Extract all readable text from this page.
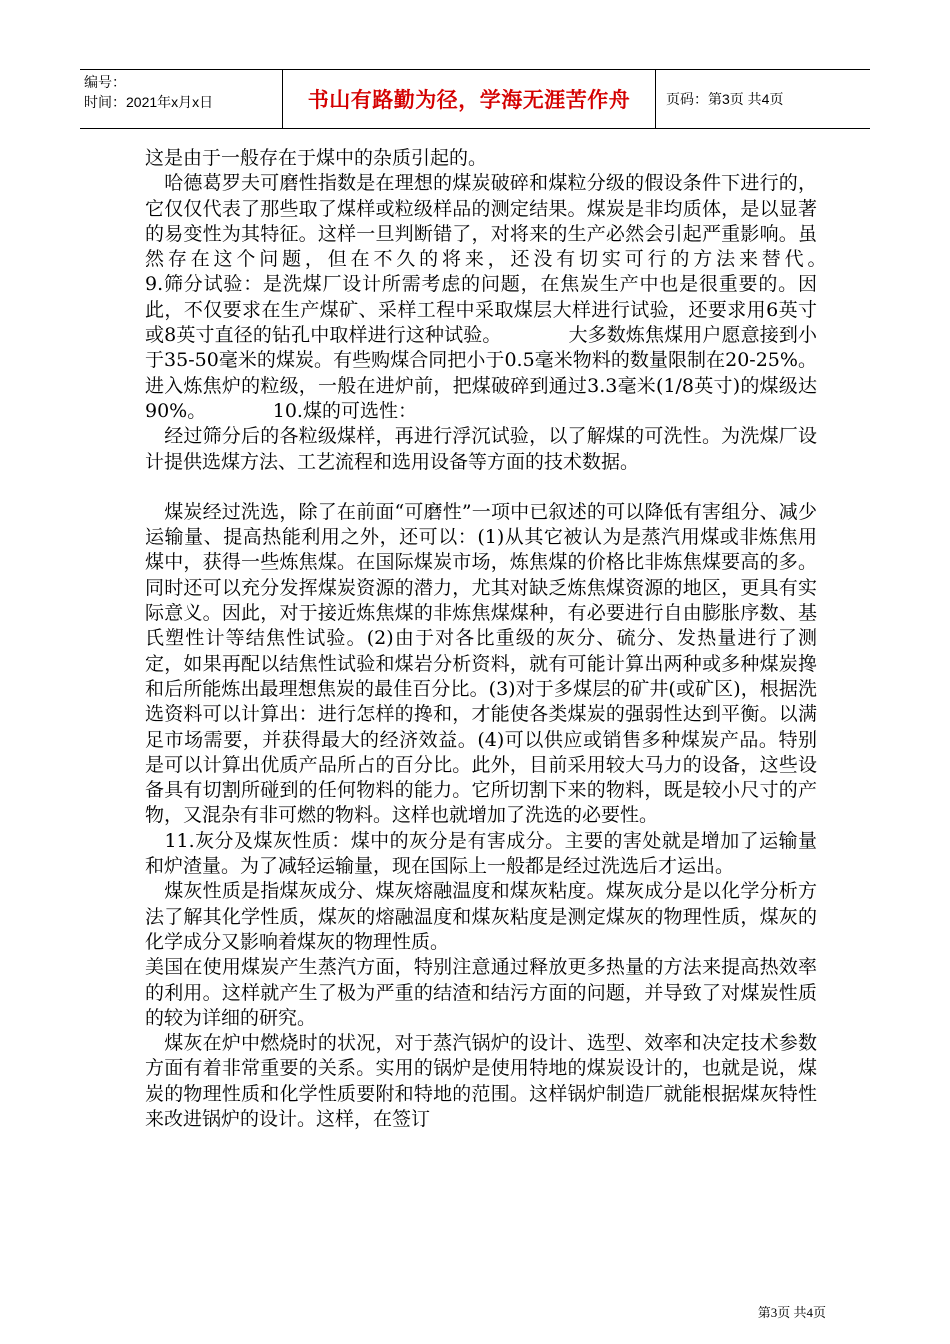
编号：
时间：2021年x月x日	书山有路勤为径，学海无涯苦作舟	页码：第3页 共4页

这是由于一般存在于煤中的杂质引起的。

　哈德葛罗夫可磨性指数是在理想的煤炭破碎和煤粒分级的假设条件下进行的，它仅仅代表了那些取了煤样或粒级样品的测定结果。煤炭是非均质体，是以显著的易变性为其特征。这样一旦判断错了，对将来的生产必然会引起严重影响。虽然存在这个问题，但在不久的将来，还没有切实可行的方法来替代。　　　　　　9.筛分试验：是洗煤厂设计所需考虑的问题，在焦炭生产中也是很重要的。因此，不仅要求在生产煤矿、采样工程中采取煤层大样进行试验，还要求用6英寸或8英寸直径的钻孔中取样进行这种试验。　　　　大多数炼焦煤用户愿意接到小于35-50毫米的煤炭。有些购煤合同把小于0.5毫米物料的数量限制在20-25%。进入炼焦炉的粒级，一般在进炉前，把煤破碎到通过3.3毫米(1/8英寸)的煤级达90%。　　　　10.煤的可选性：

　经过筛分后的各粒级煤样，再进行浮沉试验，以了解煤的可洗性。为洗煤厂设计提供选煤方法、工艺流程和选用设备等方面的技术数据。

　煤炭经过洗选，除了在前面“可磨性”一项中已叙述的可以降低有害组分、减少运输量、提高热能利用之外，还可以：(1)从其它被认为是蒸汽用煤或非炼焦用煤中，获得一些炼焦煤。在国际煤炭市场，炼焦煤的价格比非炼焦煤要高的多。同时还可以充分发挥煤炭资源的潜力，尤其对缺乏炼焦煤资源的地区，更具有实际意义。因此，对于接近炼焦煤的非炼焦煤煤种，有必要进行自由膨胀序数、基氏塑性计等结焦性试验。(2)由于对各比重级的灰分、硫分、发热量进行了测定，如果再配以结焦性试验和煤岩分析资料，就有可能计算出两种或多种煤炭搀和后所能炼出最理想焦炭的最佳百分比。(3)对于多煤层的矿井(或矿区)，根据洗选资料可以计算出：进行怎样的搀和，才能使各类煤炭的强弱性达到平衡。以满足市场需要，并获得最大的经济效益。(4)可以供应或销售多种煤炭产品。特别是可以计算出优质产品所占的百分比。此外，目前采用较大马力的设备，这些设备具有切割所碰到的任何物料的能力。它所切割下来的物料，既是较小尺寸的产物，又混杂有非可燃的物料。这样也就增加了洗选的必要性。

　11.灰分及煤灰性质：煤中的灰分是有害成分。主要的害处就是增加了运输量和炉渣量。为了减轻运输量，现在国际上一般都是经过洗选后才运出。

　煤灰性质是指煤灰成分、煤灰熔融温度和煤灰粘度。煤灰成分是以化学分析方法了解其化学性质，煤灰的熔融温度和煤灰粘度是测定煤灰的物理性质，煤灰的化学成分又影响着煤灰的物理性质。

美国在使用煤炭产生蒸汽方面，特别注意通过释放更多热量的方法来提高热效率的利用。这样就产生了极为严重的结渣和结污方面的问题，并导致了对煤炭性质的较为详细的研究。

　煤灰在炉中燃烧时的状况，对于蒸汽锅炉的设计、选型、效率和决定技术参数方面有着非常重要的关系。实用的锅炉是使用特地的煤炭设计的，也就是说，煤炭的物理性质和化学性质要附和特地的范围。这样锅炉制造厂就能根据煤灰特性来改进锅炉的设计。这样，在签订

第3页 共4页
